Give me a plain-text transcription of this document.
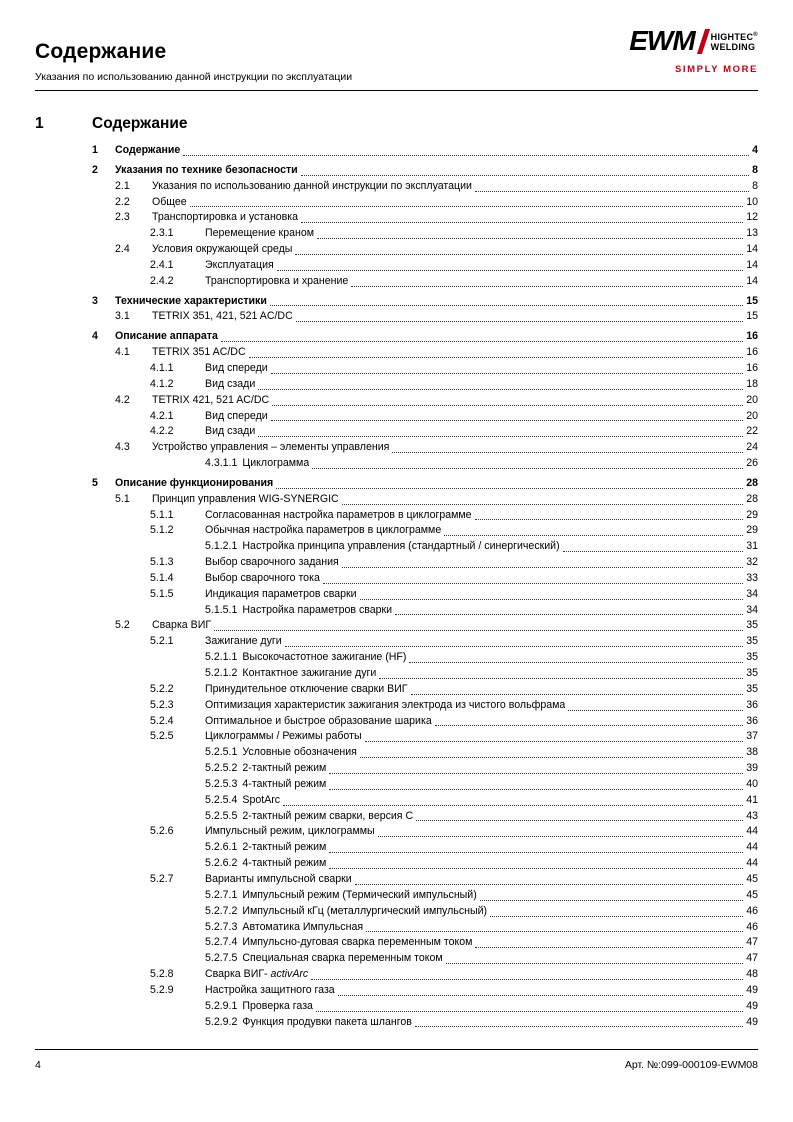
Содержание
Указания по использованию данной инструкции по эксплуатации
EWM HIGHTEC®
WELDING
SIMPLY MORE
1	Содержание
1	Содержание	4
2	Указания по технике безопасности	8
2.1	Указания по использованию данной инструкции по эксплуатации	8
2.2	Общее	10
2.3	Транспортировка и установка	12
2.3.1	Перемещение краном	13
2.4	Условия окружающей среды	14
2.4.1	Эксплуатация	14
2.4.2	Транспортировка и хранение	14
3	Технические характеристики	15
3.1	TETRIX 351, 421, 521 AC/DC	15
4	Описание аппарата	16
4.1	TETRIX 351 AC/DC	16
4.1.1	Вид спереди	16
4.1.2	Вид сзади	18
4.2	TETRIX 421, 521 AC/DC	20
4.2.1	Вид спереди	20
4.2.2	Вид сзади	22
4.3	Устройство управления – элементы управления	24
4.3.1.1 Циклограмма	26
5	Описание функционирования	28
5.1	Принцип управления WIG-SYNERGIC	28
5.1.1	Согласованная настройка параметров в циклограмме	29
5.1.2	Обычная настройка параметров в циклограмме	29
5.1.2.1 Настройка принципа управления (стандартный / синергический)	31
5.1.3	Выбор сварочного задания	32
5.1.4	Выбор сварочного тока	33
5.1.5	Индикация параметров сварки	34
5.1.5.1 Настройка параметров сварки	34
5.2	Сварка ВИГ	35
5.2.1	Зажигание дуги	35
5.2.1.1 Высокочастотное зажигание (HF)	35
5.2.1.2 Контактное зажигание дуги	35
5.2.2	Принудительное отключение сварки ВИГ	35
5.2.3	Оптимизация характеристик зажигания электрода из чистого вольфрама	36
5.2.4	Оптимальное и быстрое образование шарика	36
5.2.5	Циклограммы / Режимы работы	37
5.2.5.1 Условные обозначения	38
5.2.5.2 2-тактный режим	39
5.2.5.3 4-тактный режим	40
5.2.5.4 SpotArc	41
5.2.5.5 2-тактный режим сварки, версия C	43
5.2.6	Импульсный режим, циклограммы	44
5.2.6.1 2-тактный режим	44
5.2.6.2 4-тактный режим	44
5.2.7	Варианты импульсной сварки	45
5.2.7.1 Импульсный режим (Термический импульсный)	45
5.2.7.2 Импульсный кГц (металлургический импульсный)	46
5.2.7.3 Автоматика Импульсная	46
5.2.7.4 Импульсно-дуговая сварка переменным током	47
5.2.7.5 Специальная сварка переменным током	47
5.2.8	Сварка ВИГ- activArc	48
5.2.9	Настройка защитного газа	49
5.2.9.1 Проверка газа	49
5.2.9.2 Функция продувки пакета шлангов	49
4	Арт. №:099-000109-EWM08
